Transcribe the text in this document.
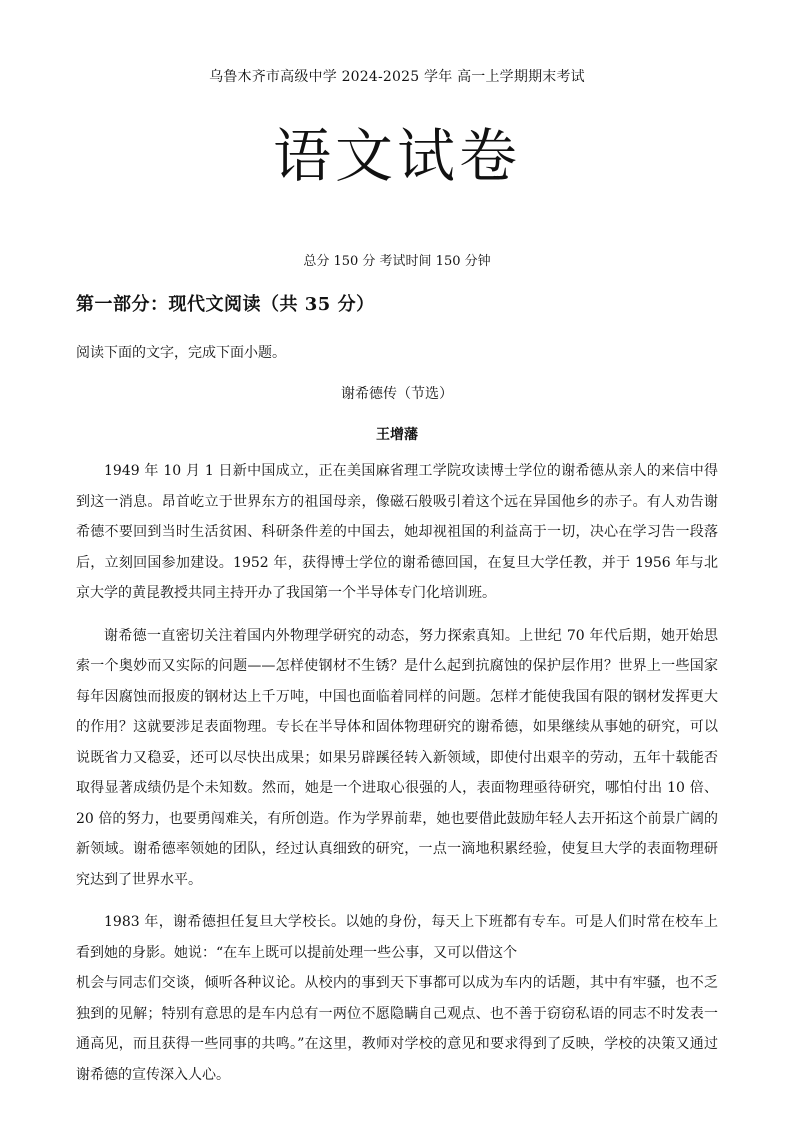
乌鲁木齐市高级中学 2024-2025 学年 高一上学期期末考试
语文试卷
总分 150 分 考试时间 150 分钟
第一部分：现代文阅读（共 35 分）
阅读下面的文字，完成下面小题。
谢希德传（节选）
王增藩

1949 年 10 月 1 日新中国成立，正在美国麻省理工学院攻读博士学位的谢希德从亲人的来信中得到这一消息。昂首屹立于世界东方的祖国母亲，像磁石般吸引着这个远在异国他乡的赤子。有人劝告谢希德不要回到当时生活贫困、科研条件差的中国去，她却视祖国的利益高于一切，决心在学习告一段落后，立刻回国参加建设。1952 年，获得博士学位的谢希德回国，在复旦大学任教，并于 1956 年与北京大学的黄昆教授共同主持开办了我国第一个半导体专门化培训班。

谢希德一直密切关注着国内外物理学研究的动态，努力探索真知。上世纪 70 年代后期，她开始思索一个奥妙而又实际的问题——怎样使钢材不生锈？是什么起到抗腐蚀的保护层作用？世界上一些国家每年因腐蚀而报废的钢材达上千万吨，中国也面临着同样的问题。怎样才能使我国有限的钢材发挥更大的作用？这就要涉足表面物理。专长在半导体和固体物理研究的谢希德，如果继续从事她的研究，可以说既省力又稳妥，还可以尽快出成果；如果另辟蹊径转入新领域，即使付出艰辛的劳动，五年十载能否取得显著成绩仍是个未知数。然而，她是一个进取心很强的人，表面物理亟待研究，哪怕付出 10 倍、20 倍的努力，也要勇闯难关，有所创造。作为学界前辈，她也要借此鼓励年轻人去开拓这个前景广阔的新领域。谢希德率领她的团队，经过认真细致的研究，一点一滴地积累经验，使复旦大学的表面物理研究达到了世界水平。

1983 年，谢希德担任复旦大学校长。以她的身份，每天上下班都有专车。可是人们时常在校车上看到她的身影。她说：“在车上既可以提前处理一些公事，又可以借这个

机会与同志们交谈，倾听各种议论。从校内的事到天下事都可以成为车内的话题，其中有牢骚，也不乏独到的见解；特别有意思的是车内总有一两位不愿隐瞒自己观点、也不善于窃窃私语的同志不时发表一通高见，而且获得一些同事的共鸣。”在这里，教师对学校的意见和要求得到了反映，学校的决策又通过谢希德的宣传深入人心。
